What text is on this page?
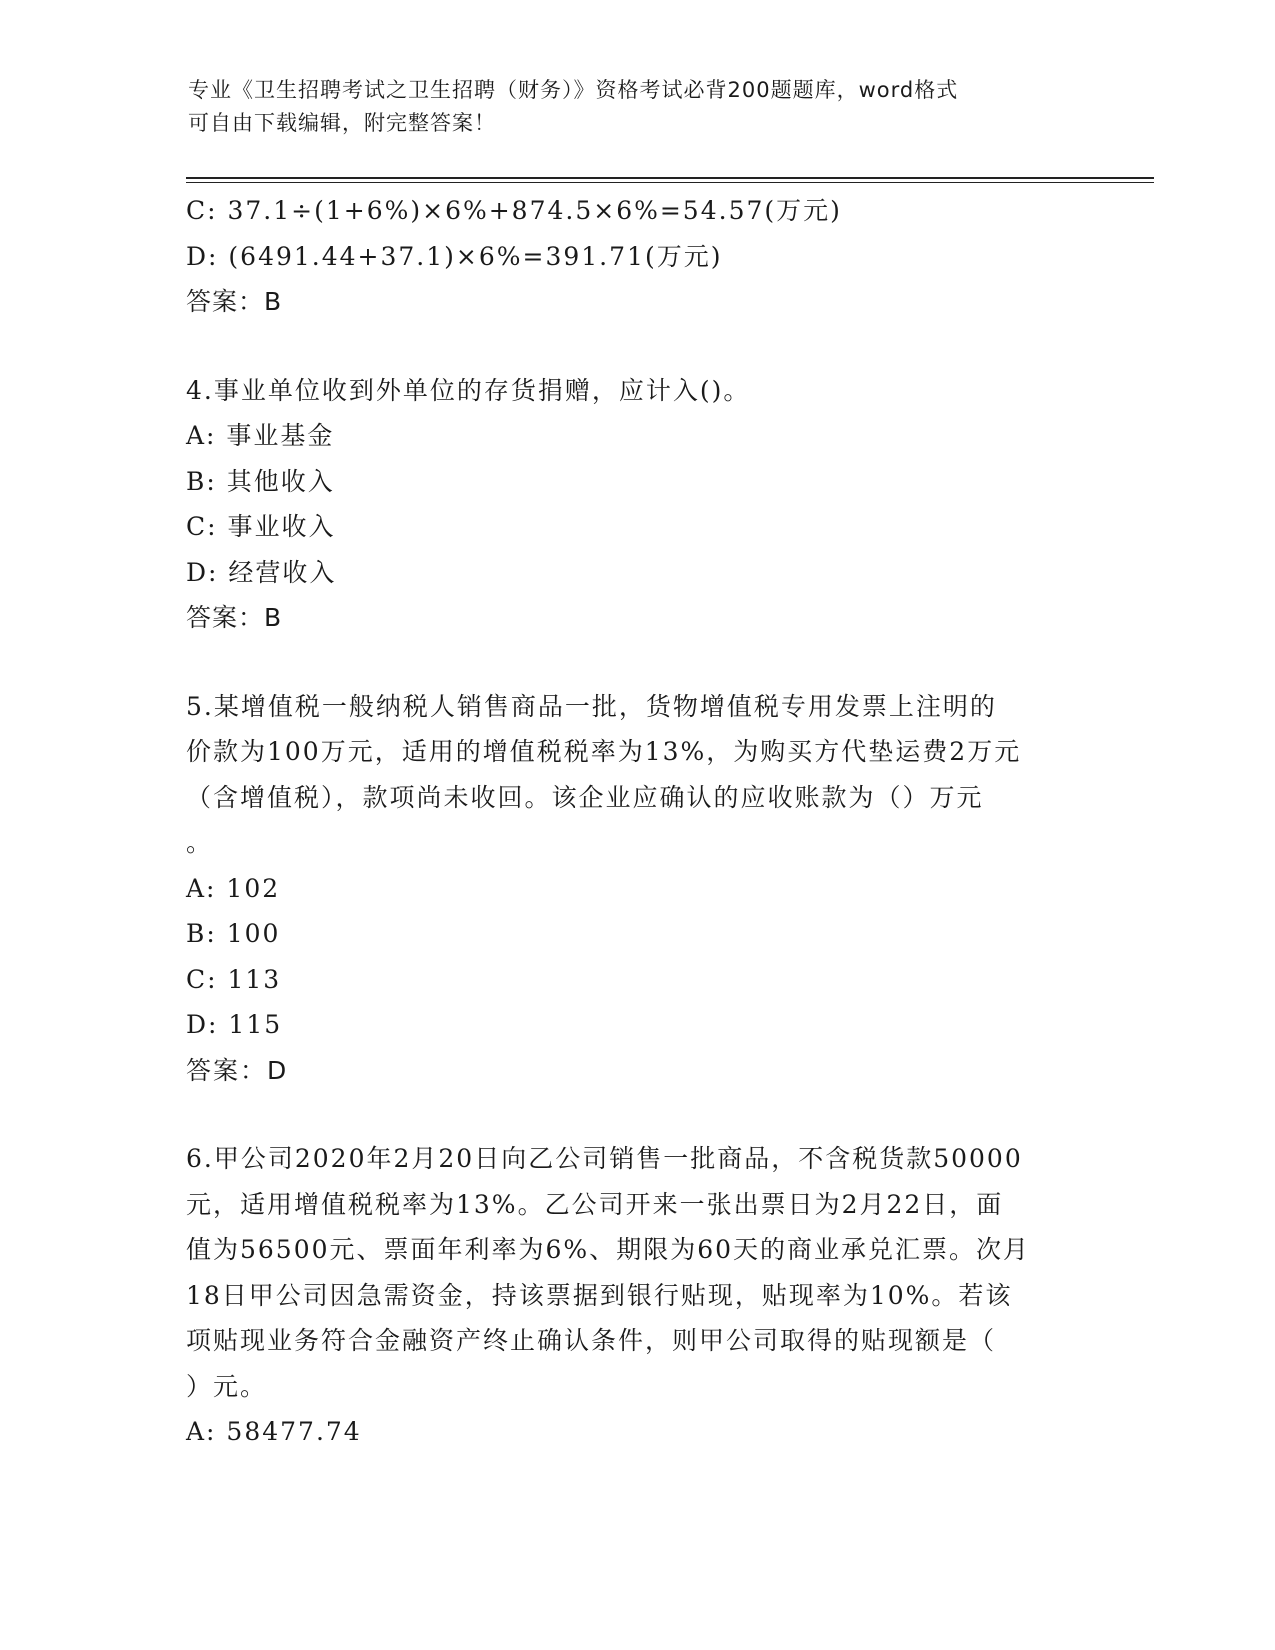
专业《卫生招聘考试之卫生招聘（财务）》资格考试必背200题题库，word格式
可自由下载编辑，附完整答案！
C: 37.1÷(1+6%)×6%+874.5×6%=54.57(万元)
D: (6491.44+37.1)×6%=391.71(万元)
答案：B
4.事业单位收到外单位的存货捐赠，应计入()。
A: 事业基金
B: 其他收入
C: 事业收入
D: 经营收入
答案：B
5.某增值税一般纳税人销售商品一批，货物增值税专用发票上注明的
价款为100万元，适用的增值税税率为13%，为购买方代垫运费2万元
（含增值税），款项尚未收回。该企业应确认的应收账款为（）万元
。
A: 102
B: 100
C: 113
D: 115
答案：D
6.甲公司2020年2月20日向乙公司销售一批商品，不含税货款50000
元，适用增值税税率为13%。乙公司开来一张出票日为2月22日，面
值为56500元、票面年利率为6%、期限为60天的商业承兑汇票。次月
18日甲公司因急需资金，持该票据到银行贴现，贴现率为10%。若该
项贴现业务符合金融资产终止确认条件，则甲公司取得的贴现额是（
）元。
A: 58477.74
